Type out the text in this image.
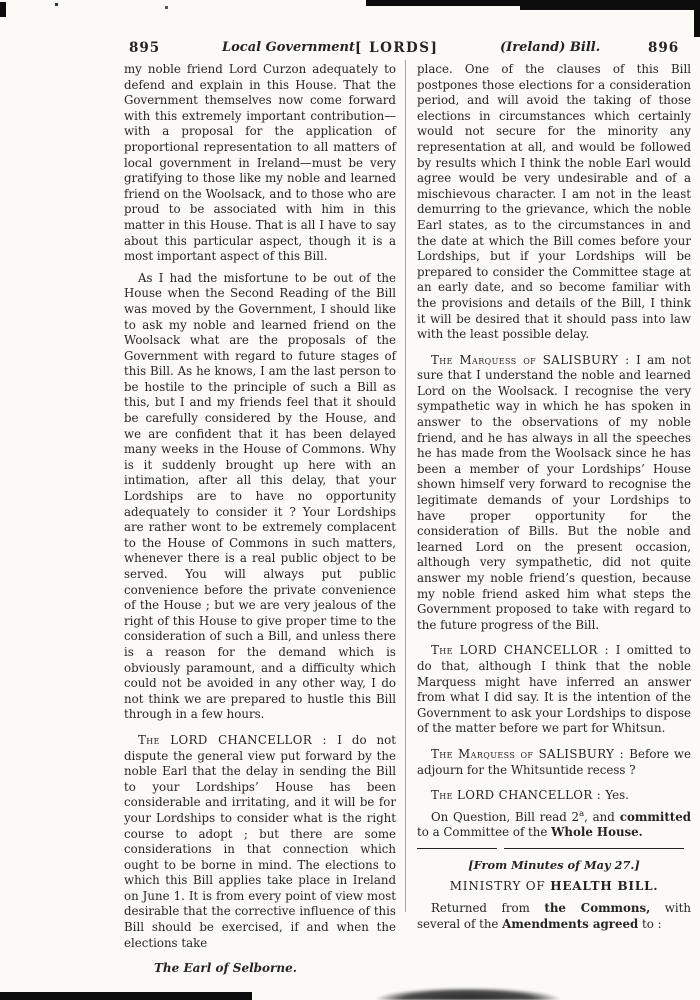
895	Local Government [ LORDS]	(Ireland) Bill.	896

my noble friend Lord Curzon adequately to defend and explain in this House. That the Government themselves now come forward with this extremely important contribution—with a proposal for the application of proportional representation to all matters of local government in Ireland—must be very gratifying to those like my noble and learned friend on the Woolsack, and to those who are proud to be associated with him in this matter in this House. That is all I have to say about this particular aspect, though it is a most important aspect of this Bill.

As I had the misfortune to be out of the House when the Second Reading of the Bill was moved by the Government, I should like to ask my noble and learned friend on the Woolsack what are the proposals of the Government with regard to future stages of this Bill. As he knows, I am the last person to be hostile to the principle of such a Bill as this, but I and my friends feel that it should be carefully considered by the House, and we are confident that it has been delayed many weeks in the House of Commons. Why is it suddenly brought up here with an intimation, after all this delay, that your Lordships are to have no opportunity adequately to consider it ? Your Lordships are rather wont to be extremely complacent to the House of Commons in such matters, whenever there is a real public object to be served. You will always put public convenience before the private convenience of the House ; but we are very jealous of the right of this House to give proper time to the consideration of such a Bill, and unless there is a reason for the demand which is obviously paramount, and a difficulty which could not be avoided in any other way, I do not think we are prepared to hustle this Bill through in a few hours.

The LORD CHANCELLOR : I do not dispute the general view put forward by the noble Earl that the delay in sending the Bill to your Lordships’ House has been considerable and irritating, and it will be for your Lordships to consider what is the right course to adopt ; but there are some considerations in that connection which ought to be borne in mind. The elections to which this Bill applies take place in Ireland on June 1. It is from every point of view most desirable that the corrective influence of this Bill should be exercised, if and when the elections take

The Earl of Selborne.

place. One of the clauses of this Bill postpones those elections for a consideration period, and will avoid the taking of those elections in circumstances which certainly would not secure for the minority any representation at all, and would be followed by results which I think the noble Earl would agree would be very undesirable and of a mischievous character. I am not in the least demurring to the grievance, which the noble Earl states, as to the circumstances in and the date at which the Bill comes before your Lordships, but if your Lordships will be prepared to consider the Committee stage at an early date, and so become familiar with the provisions and details of the Bill, I think it will be desired that it should pass into law with the least possible delay.

The Marquess of SALISBURY : I am not sure that I understand the noble and learned Lord on the Woolsack. I recognise the very sympathetic way in which he has spoken in answer to the observations of my noble friend, and he has always in all the speeches he has made from the Woolsack since he has been a member of your Lordships’ House shown himself very forward to recognise the legitimate demands of your Lordships to have proper opportunity for the consideration of Bills. But the noble and learned Lord on the present occasion, although very sympathetic, did not quite answer my noble friend’s question, because my noble friend asked him what steps the Government proposed to take with regard to the future progress of the Bill.

The LORD CHANCELLOR : I omitted to do that, although I think that the noble Marquess might have inferred an answer from what I did say. It is the intention of the Government to ask your Lordships to dispose of the matter before we part for Whitsun.

The Marquess of SALISBURY : Before we adjourn for the Whitsuntide recess ?

The LORD CHANCELLOR : Yes.

On Question, Bill read 2$^a$, and committed to a Committee of the Whole House.

[From Minutes of May 27.]

MINISTRY OF HEALTH BILL.

Returned from the Commons, with several of the Amendments agreed to :
